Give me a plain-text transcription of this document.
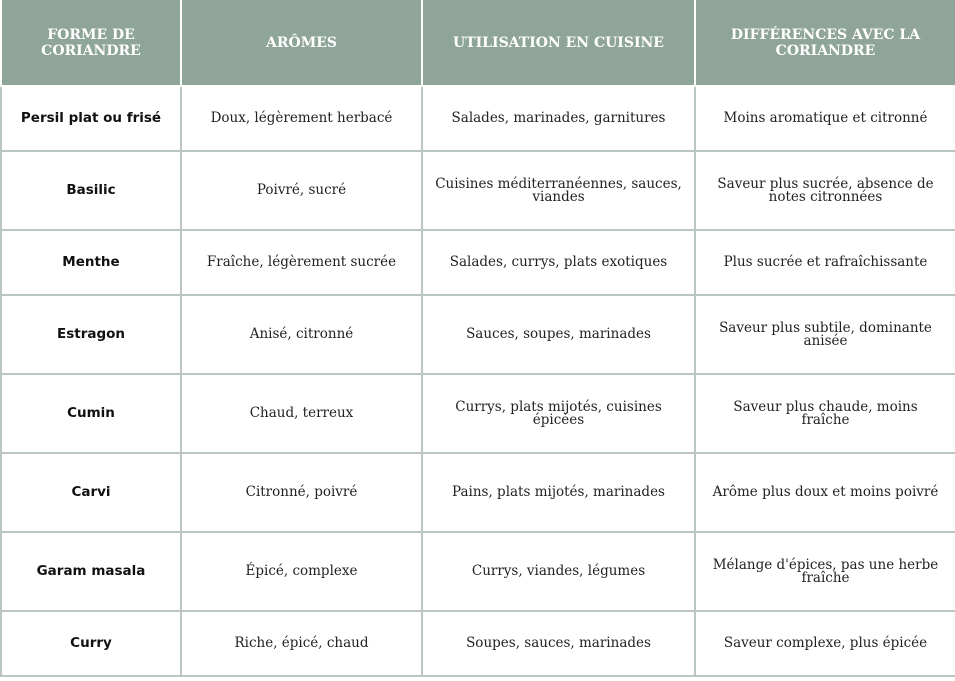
FORME DE CORIANDRE	ARÔMES	UTILISATION EN CUISINE	DIFFÉRENCES AVEC LA CORIANDRE
Persil plat ou frisé	Doux, légèrement herbacé	Salades, marinades, garnitures	Moins aromatique et citronné
Basilic	Poivré, sucré	Cuisines méditerranéennes, sauces, viandes	Saveur plus sucrée, absence de notes citronnées
Menthe	Fraîche, légèrement sucrée	Salades, currys, plats exotiques	Plus sucrée et rafraîchissante
Estragon	Anisé, citronné	Sauces, soupes, marinades	Saveur plus subtile, dominante anisée
Cumin	Chaud, terreux	Currys, plats mijotés, cuisines épicées	Saveur plus chaude, moins fraîche
Carvi	Citronné, poivré	Pains, plats mijotés, marinades	Arôme plus doux et moins poivré
Garam masala	Épicé, complexe	Currys, viandes, légumes	Mélange d'épices, pas une herbe fraîche
Curry	Riche, épicé, chaud	Soupes, sauces, marinades	Saveur complexe, plus épicée
